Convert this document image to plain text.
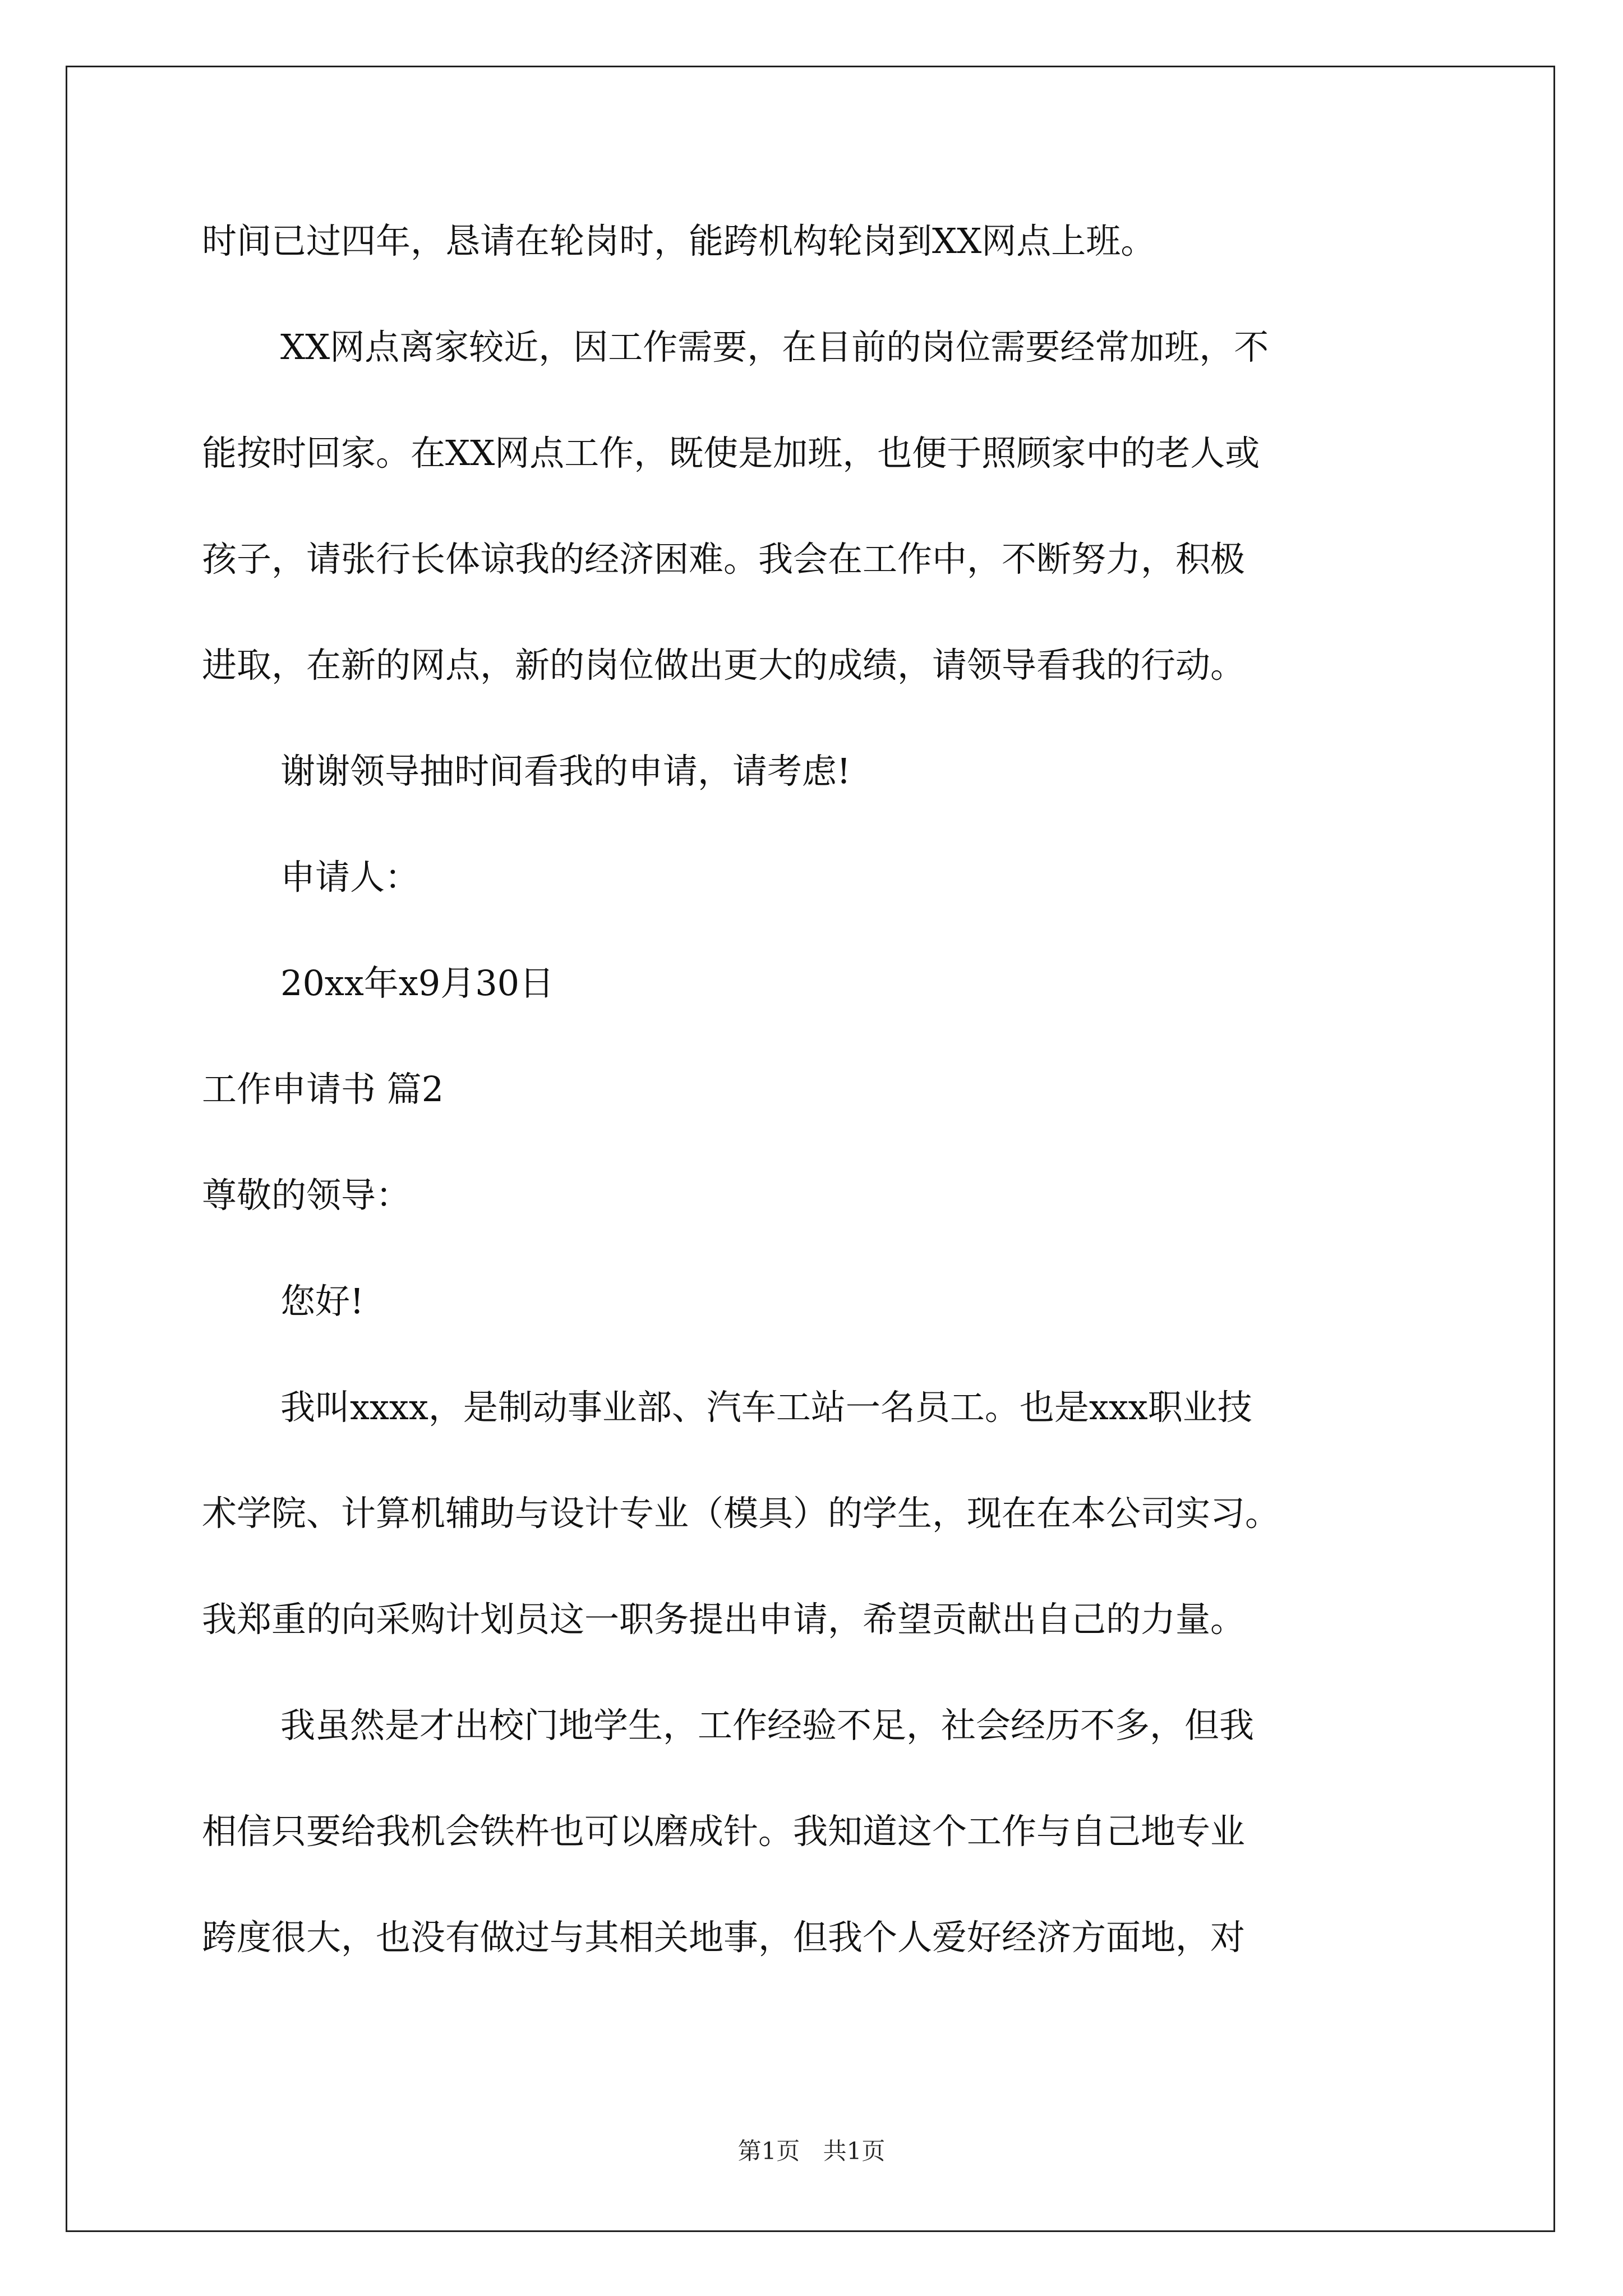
时间已过四年，恳请在轮岗时，能跨机构轮岗到XX网点上班。
XX网点离家较近，因工作需要，在目前的岗位需要经常加班，不
能按时回家。在XX网点工作，既使是加班，也便于照顾家中的老人或
孩子，请张行长体谅我的经济困难。我会在工作中，不断努力，积极
进取，在新的网点，新的岗位做出更大的成绩，请领导看我的行动。
谢谢领导抽时间看我的申请，请考虑!
申请人：
20xx年x9月30日
工作申请书 篇2
尊敬的领导：
您好!
我叫xxxx，是制动事业部、汽车工站一名员工。也是xxx职业技
术学院、计算机辅助与设计专业（模具）的学生，现在在本公司实习。
我郑重的向采购计划员这一职务提出申请，希望贡献出自己的力量。
我虽然是才出校门地学生，工作经验不足，社会经历不多，但我
相信只要给我机会铁杵也可以磨成针。我知道这个工作与自己地专业
跨度很大，也没有做过与其相关地事，但我个人爱好经济方面地，对
第1页 共1页
